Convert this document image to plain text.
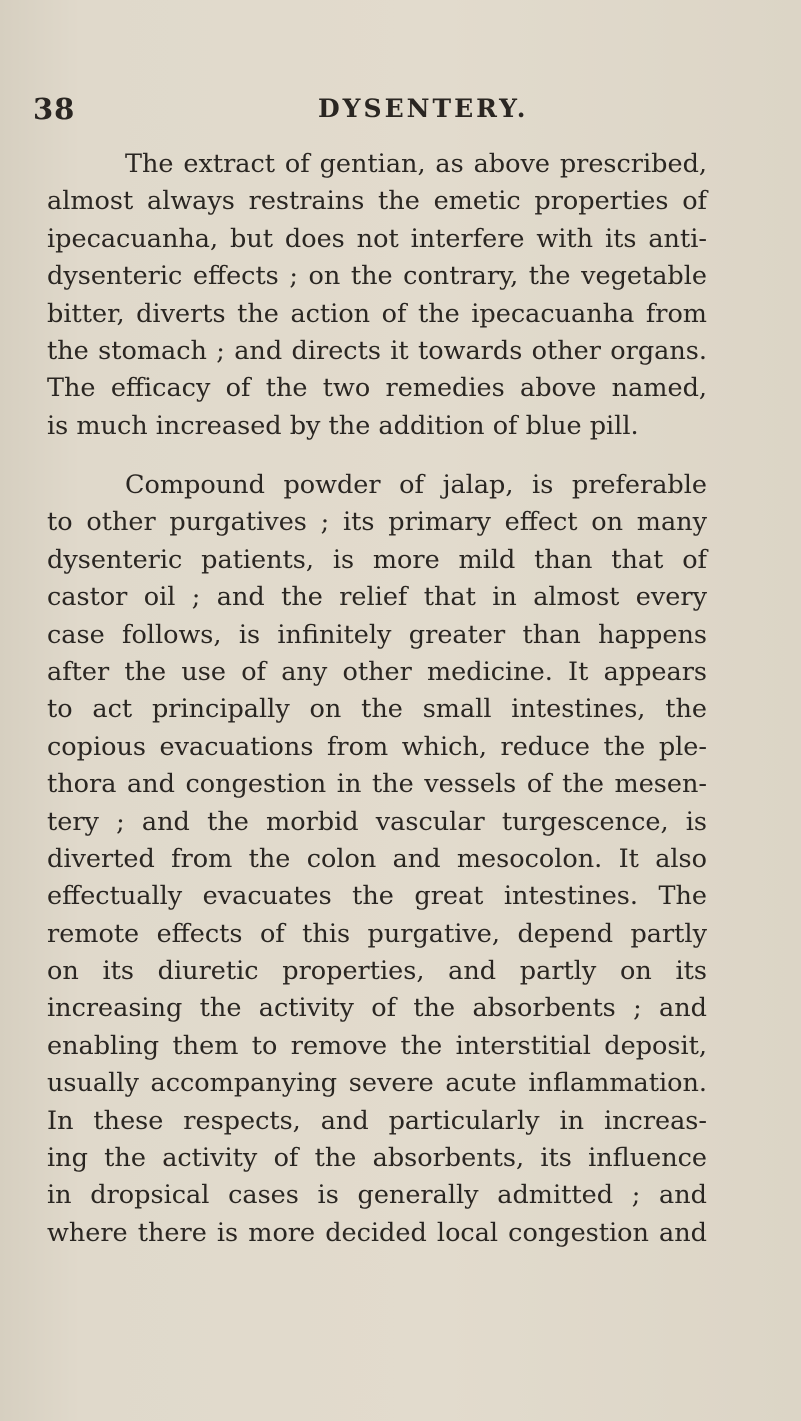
38	DYSENTERY.
The extract of gentian, as above prescribed,
almost always restrains the emetic properties of
ipecacuanha, but does not interfere with its anti-
dysenteric effects ; on the contrary, the vegetable
bitter, diverts the action of the ipecacuanha from
the stomach ; and directs it towards other organs.
The efficacy of the two remedies above named,
is much increased by the addition of blue pill.
Compound powder of jalap, is preferable
to other purgatives ; its primary effect on many
dysenteric patients, is more mild than that of
castor oil ; and the relief that in almost every
case follows, is infinitely greater than happens
after the use of any other medicine. It appears
to act principally on the small intestines, the
copious evacuations from which, reduce the ple-
thora and congestion in the vessels of the mesen-
tery ; and the morbid vascular turgescence, is
diverted from the colon and mesocolon. It also
effectually evacuates the great intestines. The
remote effects of this purgative, depend partly
on its diuretic properties, and partly on its
increasing the activity of the absorbents ; and
enabling them to remove the interstitial deposit,
usually accompanying severe acute inflammation.
In these respects, and particularly in increas-
ing the activity of the absorbents, its influence
in dropsical cases is generally admitted ; and
where there is more decided local congestion and
